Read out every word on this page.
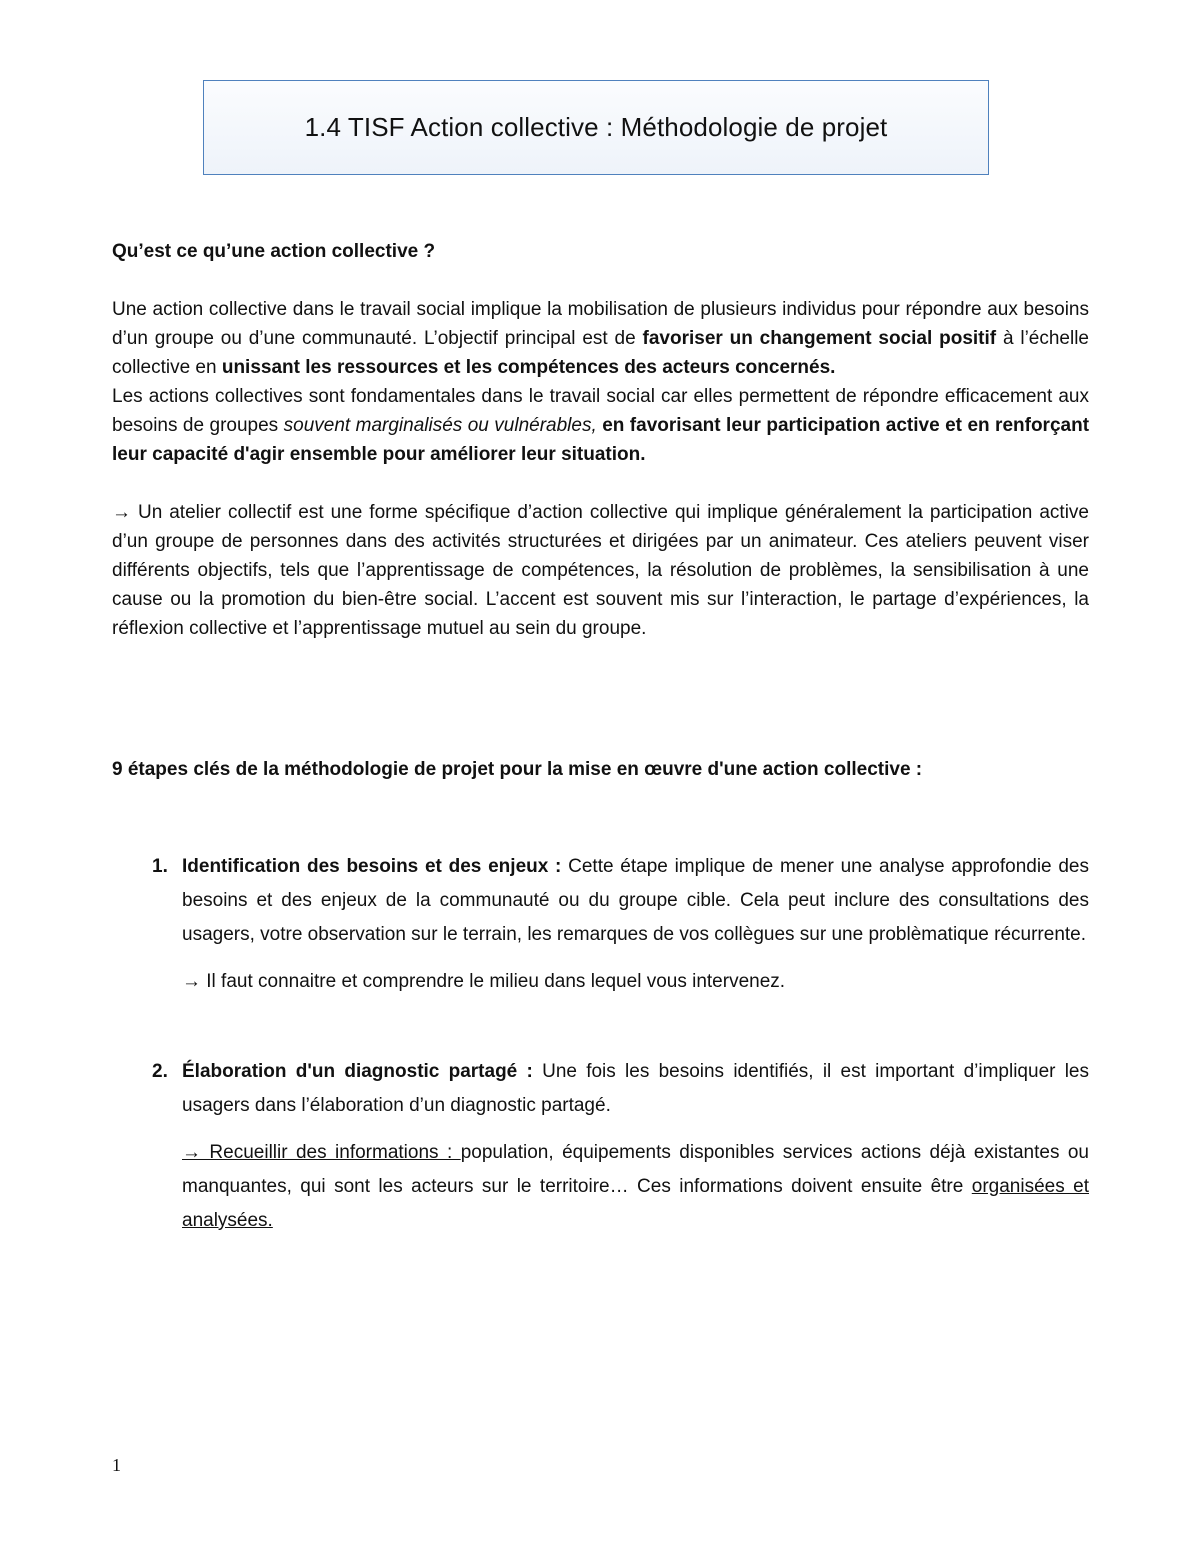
1.4 TISF Action collective : Méthodologie de projet

Qu’est ce qu’une action collective ?

Une action collective dans le travail social implique la mobilisation de plusieurs individus pour répondre aux besoins d’un groupe ou d’une communauté. L’objectif principal est de favoriser un changement social positif à l’échelle collective en unissant les ressources et les compétences des acteurs concernés.

Les actions collectives sont fondamentales dans le travail social car elles permettent de répondre efficacement aux besoins de groupes souvent marginalisés ou vulnérables, en favorisant leur participation active et en renforçant leur capacité d'agir ensemble pour améliorer leur situation.

→ Un atelier collectif est une forme spécifique d’action collective qui implique généralement la participation active d’un groupe de personnes dans des activités structurées et dirigées par un animateur. Ces ateliers peuvent viser différents objectifs, tels que l’apprentissage de compétences, la résolution de problèmes, la sensibilisation à une cause ou la promotion du bien-être social. L’accent est souvent mis sur l’interaction, le partage d’expériences, la réflexion collective et l’apprentissage mutuel au sein du groupe.

9 étapes clés de la méthodologie de projet pour la mise en œuvre d'une action collective :

1. Identification des besoins et des enjeux : Cette étape implique de mener une analyse approfondie des besoins et des enjeux de la communauté ou du groupe cible. Cela peut inclure des consultations des usagers, votre observation sur le terrain, les remarques de vos collègues sur une problèmatique récurrente.
→ Il faut connaitre et comprendre le milieu dans lequel vous intervenez.
2. Élaboration d'un diagnostic partagé : Une fois les besoins identifiés, il est important d’impliquer les usagers dans l’élaboration d’un diagnostic partagé.
→ Recueillir des informations : population, équipements disponibles services actions déjà existantes ou manquantes, qui sont les acteurs sur le territoire… Ces informations doivent ensuite être organisées et analysées.
1
